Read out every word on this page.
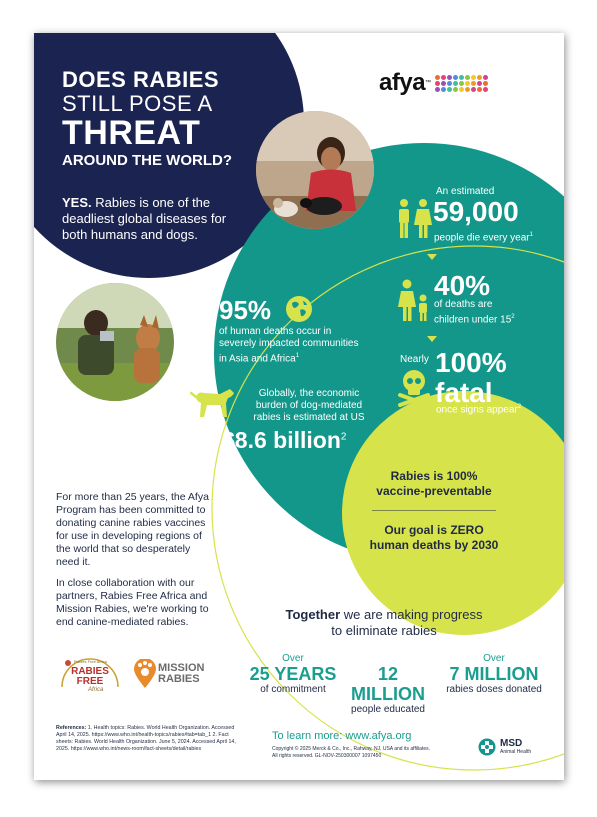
DOES RABIES
STILL POSE A
THREAT
AROUND THE WORLD?
YES. Rabies is one of the deadliest global diseases for both humans and dogs.
afya ™
An estimated
59,000
people die every year$^1$
40%
of deaths are
children under $15^2$
Nearly 100%
fatal
once signs appear$^2$
95%
of human deaths occur in
severely impacted communities
in Asia and Africa$^1$
Globally, the economic
burden of dog-mediated
rabies is estimated at US
$8.6 billion$^2$
Rabies is 100%
vaccine-preventable
Our goal is ZERO
human deaths by 2030

For more than 25 years, the Afya Program has been committed to donating canine rabies vaccines for use in developing regions of the world that so desperately need it.

In close collaboration with our partners, Rabies Free Africa and Mission Rabies, we're working to end canine-mediated rabies.

Rabies Free Africa
RABIES
FREE
Africa
MISSION
RABIES
Together we are making progress
to eliminate rabies
Over
25 YEARS
of commitment
12 MILLION
people educated
Over
7 MILLION
rabies doses donated
References: 1. Health topics: Rabies. World Health Organization. Accessed April 14, 2025. https://www.who.int/health-topics/rabies#tab=tab_1 2. Fact sheets: Rabies. World Health Organization. June 5, 2024. Accessed April 14, 2025. https://www.who.int/news-room/fact-sheets/detail/rabies
To learn more: www.afya.org
Copyright © 2025 Merck & Co., Inc., Rahway, NJ, USA and its affiliates.
All rights reserved. GL-NOV-250300007 1097450
MSD
Animal Health
